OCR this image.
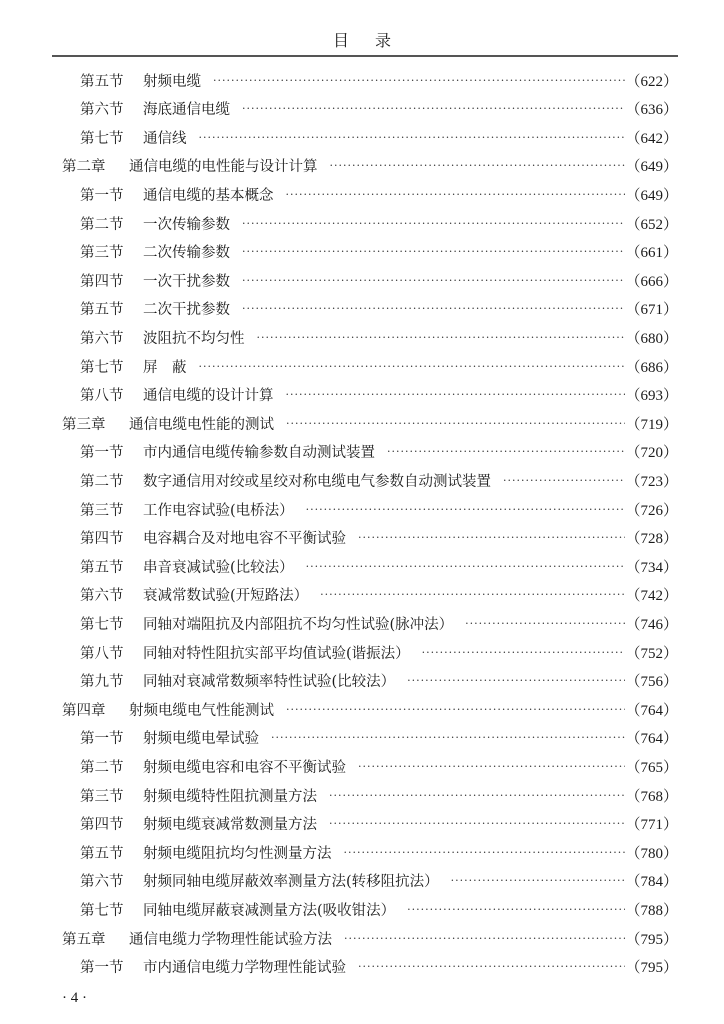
目录
第五节	射频电缆 ·····	（622）
第六节	海底通信电缆 ·····	（636）
第七节	通信线 ·····	（642）
第二章	通信电缆的电性能与设计计算 ·····	（649）
第一节	通信电缆的基本概念 ·····	（649）
第二节	一次传输参数 ·····	（652）
第三节	二次传输参数 ·····	（661）
第四节	一次干扰参数 ·····	（666）
第五节	二次干扰参数 ·····	（671）
第六节	波阻抗不均匀性 ·····	（680）
第七节	屏　蔽 ·····	（686）
第八节	通信电缆的设计计算 ·····	（693）
第三章	通信电缆电性能的测试 ·····	（719）
第一节	市内通信电缆传输参数自动测试装置 ·····	（720）
第二节	数字通信用对绞或星绞对称电缆电气参数自动测试装置 ·····	（723）
第三节	工作电容试验(电桥法） ·····	（726）
第四节	电容耦合及对地电容不平衡试验 ·····	（728）
第五节	串音衰减试验(比较法） ·····	（734）
第六节	衰减常数试验(开短路法） ·····	（742）
第七节	同轴对端阻抗及内部阻抗不均匀性试验(脉冲法） ·····	（746）
第八节	同轴对特性阻抗实部平均值试验(谐振法） ·····	（752）
第九节	同轴对衰减常数频率特性试验(比较法） ·····	（756）
第四章	射频电缆电气性能测试 ·····	（764）
第一节	射频电缆电晕试验 ·····	（764）
第二节	射频电缆电容和电容不平衡试验 ·····	（765）
第三节	射频电缆特性阻抗测量方法 ·····	（768）
第四节	射频电缆衰减常数测量方法 ·····	（771）
第五节	射频电缆阻抗均匀性测量方法 ·····	（780）
第六节	射频同轴电缆屏蔽效率测量方法(转移阻抗法） ·····	（784）
第七节	同轴电缆屏蔽衰减测量方法(吸收钳法） ·····	（788）
第五章	通信电缆力学物理性能试验方法 ·····	（795）
第一节	市内通信电缆力学物理性能试验 ·····	（795）
· 4 ·
